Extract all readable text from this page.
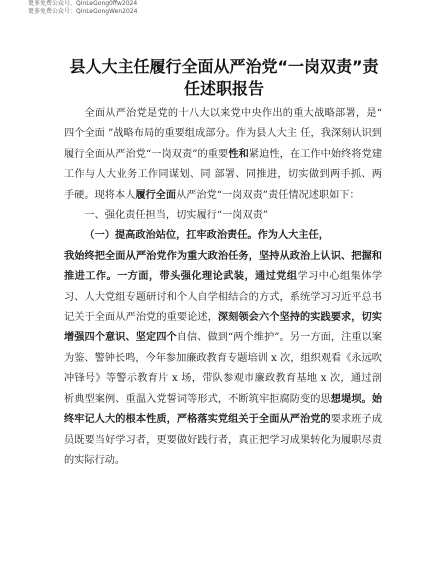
更多免费公众号，QinLeGong0ffw2024
更多免费公众号：QinLeGongWen2024
县人大主任履行全面从严治党“一岗双责”责
任述职报告

全面从严治党是党的十八大以来党中央作出的重大战略部署，是“ 四个全面 ”战略布局的重要组成部分。作为县人大主 任，我深刻认识到履行全面从严治党“一岗双责”的重要性和紧迫性，在工作中始终将党建工作与人大业务工作同谋划、同 部署、同推进，切实做到两手抓、两手硬。现将本人履行全面从严治党“一岗双责”责任情况述职如下：

一、强化责任担当，切实履行“一岗双责”

（一）提高政治站位，扛牢政治责任。作为人大主任，

我始终把全面从严治党作为重大政治任务，坚持从政治上认识、把握和推进工作。一方面，带头强化理论武装，通过党组学习中心组集体学习、人大党组专题研讨和个人自学相结合的方式，系统学习习近平总书记关于全面从严治党的重要论述，深刻领会六个坚持的实践要求，切实增强四个意识、坚定四个自信、做到“两个维护”。另一方面，注重以案为鉴、警钟长鸣，今年参加廉政教育专题培训 x 次，组织观看《永远吹冲锋号》等警示教育片 x 场，带队参观市廉政教育基地 x 次，通过剖析典型案例、重温入党誓词等形式，不断筑牢拒腐防变的思想堤坝。始终牢记人大的根本性质，严格落实党组关于全面从严治党的要求班子成员既要当好学习者，更要做好践行者，真正把学习成果转化为履职尽责的实际行动。
